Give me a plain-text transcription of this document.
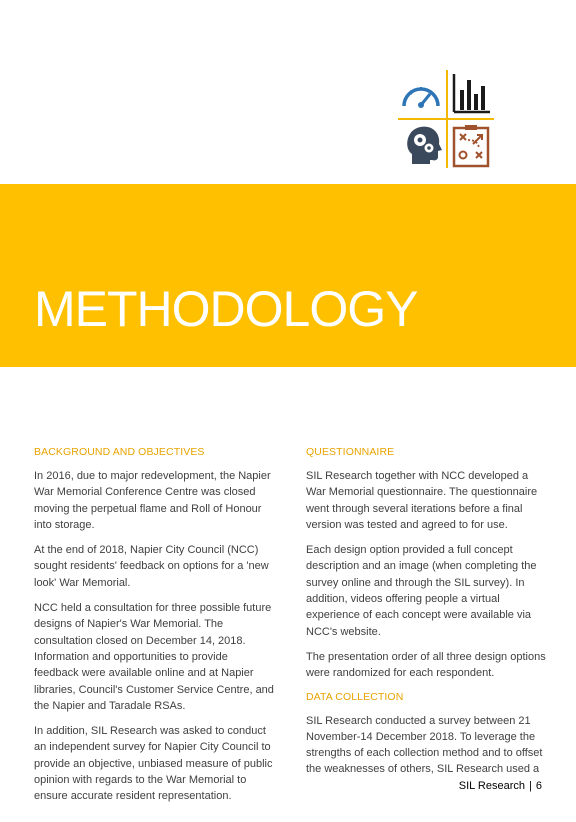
METHODOLOGY
BACKGROUND AND OBJECTIVES

In 2016, due to major redevelopment, the Napier War Memorial Conference Centre was closed moving the perpetual flame and Roll of Honour into storage.

At the end of 2018, Napier City Council (NCC) sought residents' feedback on options for a 'new look' War Memorial.

NCC held a consultation for three possible future designs of Napier's War Memorial. The consultation closed on December 14, 2018. Information and opportunities to provide feedback were available online and at Napier libraries, Council's Customer Service Centre, and the Napier and Taradale RSAs.

In addition, SIL Research was asked to conduct an independent survey for Napier City Council to provide an objective, unbiased measure of public opinion with regards to the War Memorial to ensure accurate resident representation.

QUESTIONNAIRE

SIL Research together with NCC developed a War Memorial questionnaire. The questionnaire went through several iterations before a final version was tested and agreed to for use.

Each design option provided a full concept description and an image (when completing the survey online and through the SIL survey). In addition, videos offering people a virtual experience of each concept were available via NCC's website.

The presentation order of all three design options were randomized for each respondent.

DATA COLLECTION

SIL Research conducted a survey between 21 November-14 December 2018. To leverage the strengths of each collection method and to offset the weaknesses of others, SIL Research used a

SIL Research | 6
